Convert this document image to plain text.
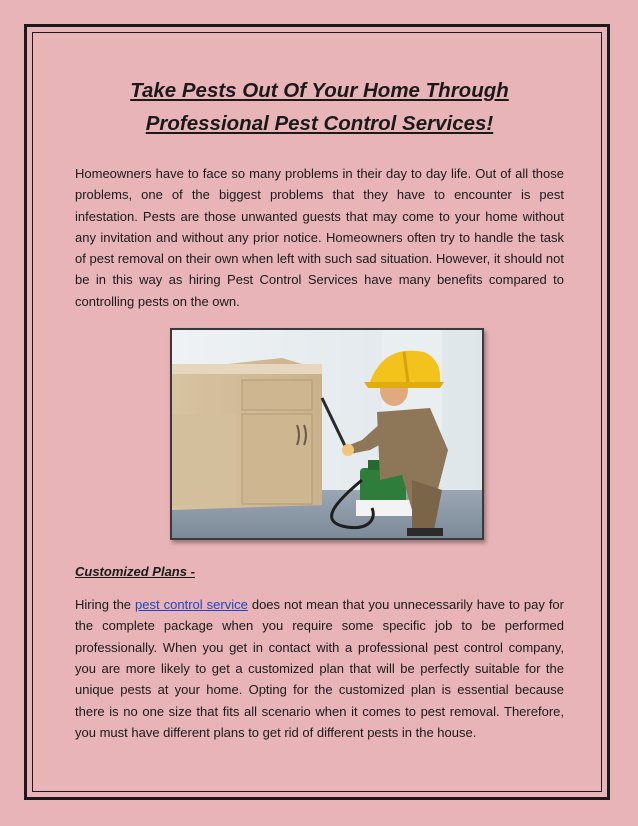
Take Pests Out Of Your Home Through Professional Pest Control Services!

Homeowners have to face so many problems in their day to day life. Out of all those problems, one of the biggest problems that they have to encounter is pest infestation. Pests are those unwanted guests that may come to your home without any invitation and without any prior notice. Homeowners often try to handle the task of pest removal on their own when left with such sad situation. However, it should not be in this way as hiring Pest Control Services have many benefits compared to controlling pests on the own.

Customized Plans -

Hiring the pest control service does not mean that you unnecessarily have to pay for the complete package when you require some specific job to be performed professionally. When you get in contact with a professional pest control company, you are more likely to get a customized plan that will be perfectly suitable for the unique pests at your home. Opting for the customized plan is essential because there is no one size that fits all scenario when it comes to pest removal. Therefore, you must have different plans to get rid of different pests in the house.
